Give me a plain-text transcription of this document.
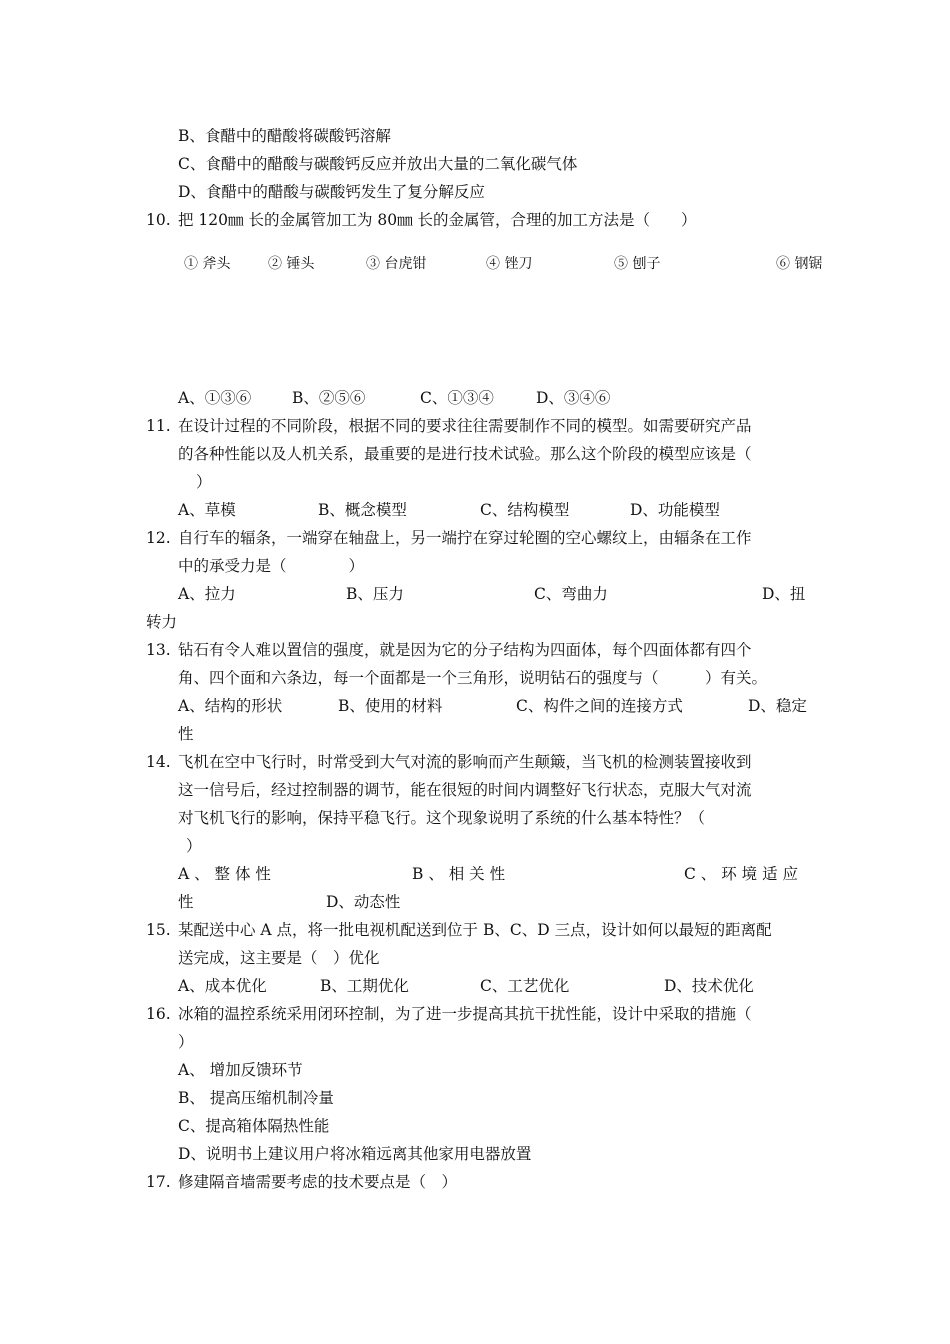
B、食醋中的醋酸将碳酸钙溶解
C、食醋中的醋酸与碳酸钙反应并放出大量的二氧化碳气体
D、食醋中的醋酸与碳酸钙发生了复分解反应
10. 把 120㎜ 长的金属管加工为 80㎜ 长的金属管，合理的加工方法是（　　）
① 斧头	② 锤头	③ 台虎钳	④ 锉刀	⑤ 刨子	⑥ 钢锯
A、①③⑥	B、②⑤⑥	C、①③④	D、③④⑥
11. 在设计过程的不同阶段，根据不同的要求往往需要制作不同的模型。如需要研究产品
的各种性能以及人机关系，最重要的是进行技术试验。那么这个阶段的模型应该是（
）
A、草模	B、概念模型	C、结构模型	D、功能模型
12. 自行车的辐条，一端穿在轴盘上，另一端拧在穿过轮圈的空心螺纹上，由辐条在工作
中的承受力是（　　　　）
A、拉力	B、压力	C、弯曲力	D、扭
转力
13. 钻石有令人难以置信的强度，就是因为它的分子结构为四面体，每个四面体都有四个
角、四个面和六条边，每一个面都是一个三角形，说明钻石的强度与（　　　）有关。
A、结构的形状	B、使用的材料	C、构件之间的连接方式	D、稳定
性
14. 飞机在空中飞行时，时常受到大气对流的影响而产生颠簸，当飞机的检测装置接收到
这一信号后，经过控制器的调节，能在很短的时间内调整好飞行状态，克服大气对流
对飞机飞行的影响，保持平稳飞行。这个现象说明了系统的什么基本特性？（
）
A 、 整 体 性	B 、 相 关 性	C 、 环 境 适 应
性	D、动态性
15. 某配送中心 A 点，将一批电视机配送到位于 B、C、D 三点，设计如何以最短的距离配
送完成，这主要是（　）优化
A、成本优化	B、工期优化	C、工艺优化	D、技术优化
16. 冰箱的温控系统采用闭环控制，为了进一步提高其抗干扰性能，设计中采取的措施（
）
A、 增加反馈环节
B、 提高压缩机制冷量
C、提高箱体隔热性能
D、说明书上建议用户将冰箱远离其他家用电器放置
17. 修建隔音墙需要考虑的技术要点是（　）
